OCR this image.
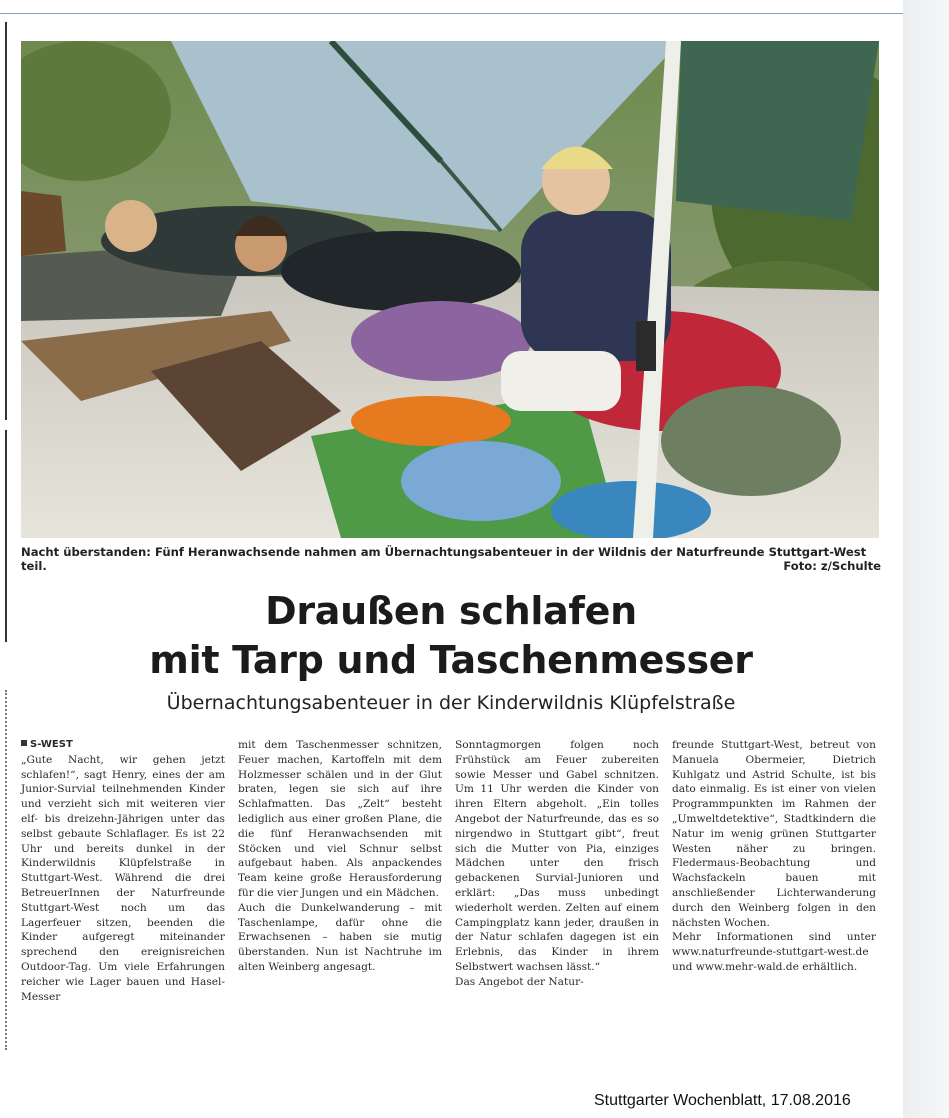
Nacht überstanden: Fünf Heranwachsende nahmen am Übernachtungsabenteuer in der Wildnis der Naturfreunde Stuttgart-West teil.	Foto: z/Schulte
Draußen schlafen
mit Tarp und Taschenmesser
Übernachtungsabenteuer in der Kinderwildnis Klüpfelstraße
S-WEST

„Gute Nacht, wir gehen jetzt schlafen!“, sagt Henry, eines der am Junior-Survial teilnehmenden Kinder und verzieht sich mit weiteren vier elf- bis dreizehn-Jährigen unter das selbst gebaute Schlaflager. Es ist 22 Uhr und bereits dunkel in der Kinderwildnis Klüpfelstraße in Stuttgart-West. Während die drei BetreuerInnen der Naturfreunde Stuttgart-West noch um das Lagerfeuer sitzen, beenden die Kinder aufgeregt miteinander sprechend den ereignisreichen Outdoor-Tag. Um viele Erfahrungen reicher wie Lager bauen und Hasel-Messer

mit dem Taschenmesser schnitzen, Feuer machen, Kartoffeln mit dem Holzmesser schälen und in der Glut braten, legen sie sich auf ihre Schlafmatten. Das „Zelt“ besteht lediglich aus einer großen Plane, die die fünf Heranwachsenden mit Stöcken und viel Schnur selbst aufgebaut haben. Als anpackendes Team keine große Herausforderung für die vier Jungen und ein Mädchen.
Auch die Dunkelwanderung – mit Taschenlampe, dafür ohne die Erwachsenen – haben sie mutig überstanden. Nun ist Nachtruhe im alten Weinberg angesagt.

Sonntagmorgen folgen noch Frühstück am Feuer zubereiten sowie Messer und Gabel schnitzen. Um 11 Uhr werden die Kinder von ihren Eltern abgeholt. „Ein tolles Angebot der Naturfreunde, das es so nirgendwo in Stuttgart gibt“, freut sich die Mutter von Pia, einziges Mädchen unter den frisch gebackenen Survial-Junioren und erklärt: „Das muss unbedingt wiederholt werden. Zelten auf einem Campingplatz kann jeder, draußen in der Natur schlafen dagegen ist ein Erlebnis, das Kinder in ihrem Selbstwert wachsen lässt.“
Das Angebot der Natur-

freunde Stuttgart-West, betreut von Manuela Obermeier, Dietrich Kuhlgatz und Astrid Schulte, ist bis dato einmalig. Es ist einer von vielen Programmpunkten im Rahmen der „Umweltdetektive“, Stadtkindern die Natur im wenig grünen Stuttgarter Westen näher zu bringen. Fledermaus-Beobachtung und Wachsfackeln bauen mit anschließender Lichterwanderung durch den Weinberg folgen in den nächsten Wochen.
Mehr Informationen sind unter www.naturfreunde-stuttgart-west.de und www.mehr-wald.de erhältlich.

Stuttgarter Wochenblatt, 17.08.2016
